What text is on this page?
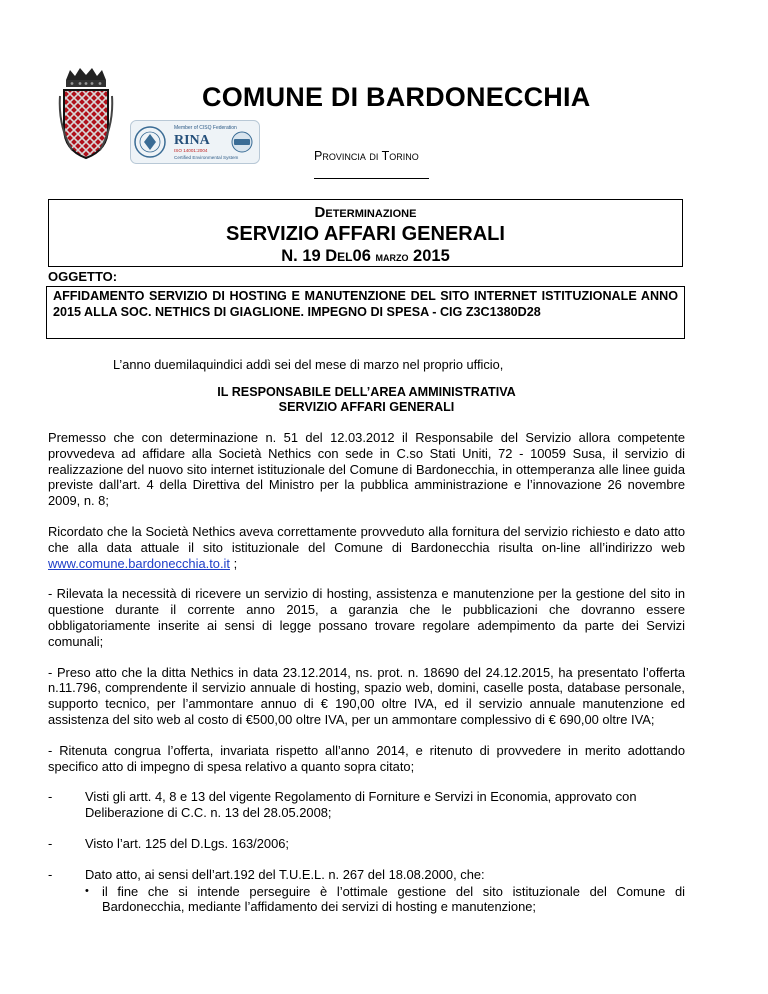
Member of CISQ Federation
RINA
ISO 14001:2004
Certified Environmental System
COMUNE DI BARDONECCHIA
Provincia di Torino
Determinazione
SERVIZIO AFFARI GENERALI
N. 19 Del06 marzo 2015
OGGETTO:
AFFIDAMENTO SERVIZIO DI HOSTING E MANUTENZIONE DEL SITO INTERNET ISTITUZIONALE ANNO 2015 ALLA SOC. NETHICS DI GIAGLIONE. IMPEGNO DI SPESA - CIG Z3C1380D28
L’anno duemilaquindici addì sei del mese di marzo nel proprio ufficio,
IL RESPONSABILE DELL’AREA AMMINISTRATIVA
SERVIZIO AFFARI GENERALI

Premesso che con determinazione n. 51 del 12.03.2012 il Responsabile del Servizio allora competente provvedeva ad affidare alla Società Nethics con sede in C.so Stati Uniti, 72 - 10059 Susa, il servizio di realizzazione del nuovo sito internet istituzionale del Comune di Bardonecchia, in ottemperanza alle linee guida previste dall’art. 4 della Direttiva del Ministro per la pubblica amministrazione e l’innovazione 26 novembre 2009, n. 8;

Ricordato che la Società Nethics aveva correttamente provveduto alla fornitura del servizio richiesto e dato atto che alla data attuale il sito istituzionale del Comune di Bardonecchia risulta on-line all’indirizzo web www.comune.bardonecchia.to.it ;

- Rilevata la necessità di ricevere un servizio di hosting, assistenza e manutenzione per la gestione del sito in questione durante il corrente anno 2015, a garanzia che le pubblicazioni che dovranno essere obbligatoriamente inserite ai sensi di legge possano trovare regolare adempimento da parte dei Servizi comunali;

- Preso atto che la ditta Nethics in data 23.12.2014, ns. prot. n. 18690 del 24.12.2015, ha presentato l’offerta n.11.796, comprendente il servizio annuale di hosting, spazio web, domini, caselle posta, database personale, supporto tecnico, per l’ammontare annuo di € 190,00 oltre IVA, ed il servizio annuale manutenzione ed assistenza del sito web al costo di €500,00 oltre IVA, per un ammontare complessivo di € 690,00 oltre IVA;

- Ritenuta congrua l’offerta, invariata rispetto all’anno 2014, e ritenuto di provvedere in merito adottando specifico atto di impegno di spesa relativo a quanto sopra citato;

-	Visti gli artt. 4, 8 e 13 del vigente Regolamento di Forniture e Servizi in Economia, approvato con Deliberazione di C.C. n. 13 del 28.05.2008;
-	Visto l’art. 125 del D.Lgs. 163/2006;
-	Dato atto, ai sensi dell’art.192 del T.U.E.L. n. 267 del 18.08.2000, che:
•	il fine che si intende perseguire è l’ottimale gestione del sito istituzionale del Comune di Bardonecchia, mediante l’affidamento dei servizi di hosting e manutenzione;
